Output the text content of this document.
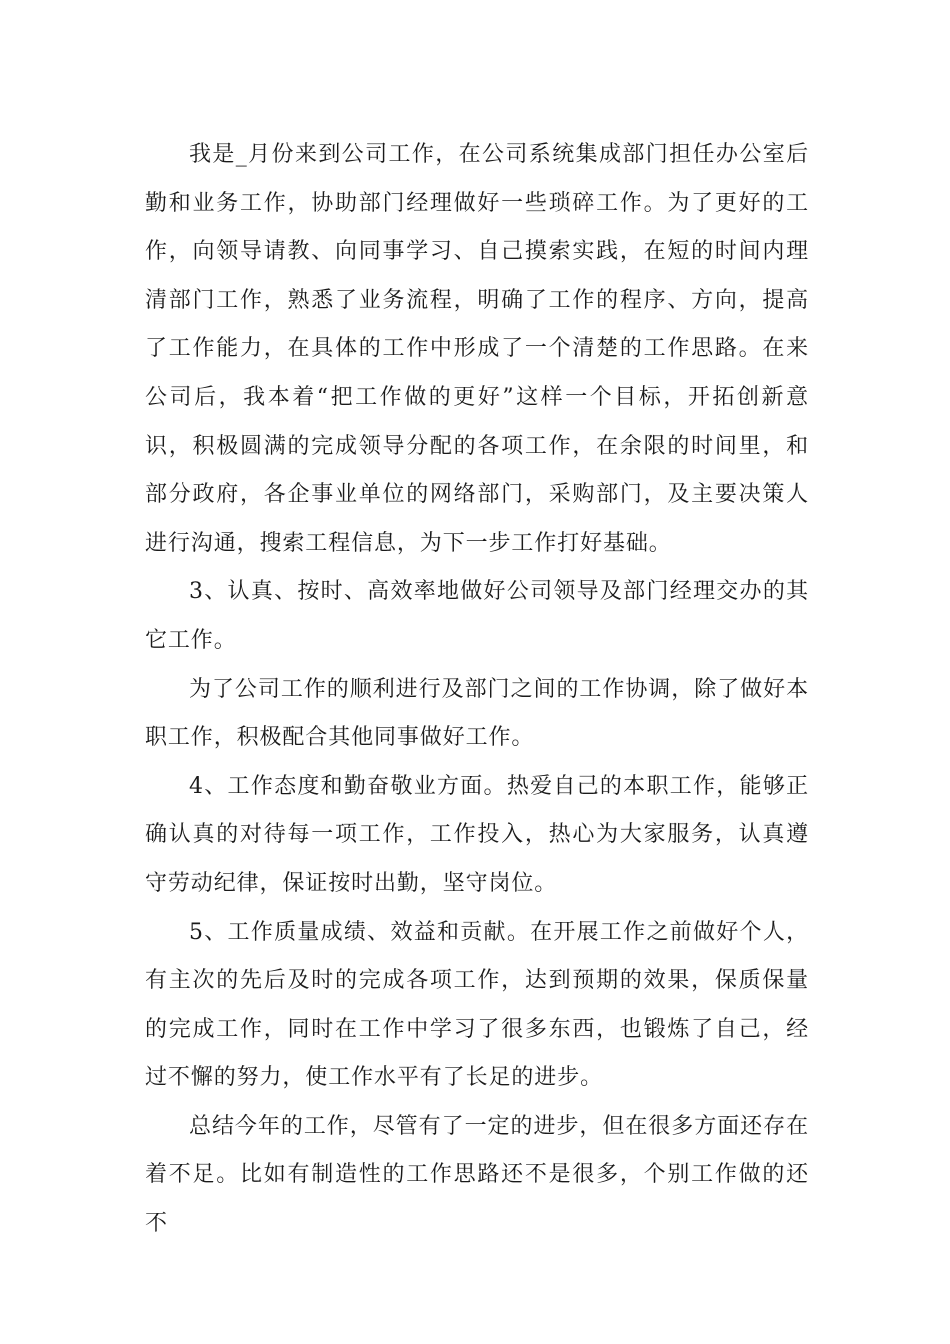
我是_月份来到公司工作，在公司系统集成部门担任办公室后勤和业务工作，协助部门经理做好一些琐碎工作。为了更好的工作，向领导请教、向同事学习、自己摸索实践，在短的时间内理清部门工作，熟悉了业务流程，明确了工作的程序、方向，提高了工作能力，在具体的工作中形成了一个清楚的工作思路。在来公司后，我本着“把工作做的更好”这样一个目标，开拓创新意识，积极圆满的完成领导分配的各项工作，在余限的时间里，和部分政府，各企事业单位的网络部门，采购部门，及主要决策人进行沟通，搜索工程信息，为下一步工作打好基础。

3、认真、按时、高效率地做好公司领导及部门经理交办的其它工作。

为了公司工作的顺利进行及部门之间的工作协调，除了做好本职工作，积极配合其他同事做好工作。

4、工作态度和勤奋敬业方面。热爱自己的本职工作，能够正确认真的对待每一项工作，工作投入，热心为大家服务，认真遵守劳动纪律，保证按时出勤，坚守岗位。

5、工作质量成绩、效益和贡献。在开展工作之前做好个人，有主次的先后及时的完成各项工作，达到预期的效果，保质保量的完成工作，同时在工作中学习了很多东西，也锻炼了自己，经过不懈的努力，使工作水平有了长足的进步。

总结今年的工作，尽管有了一定的进步，但在很多方面还存在着不足。比如有制造性的工作思路还不是很多，个别工作做的还不
